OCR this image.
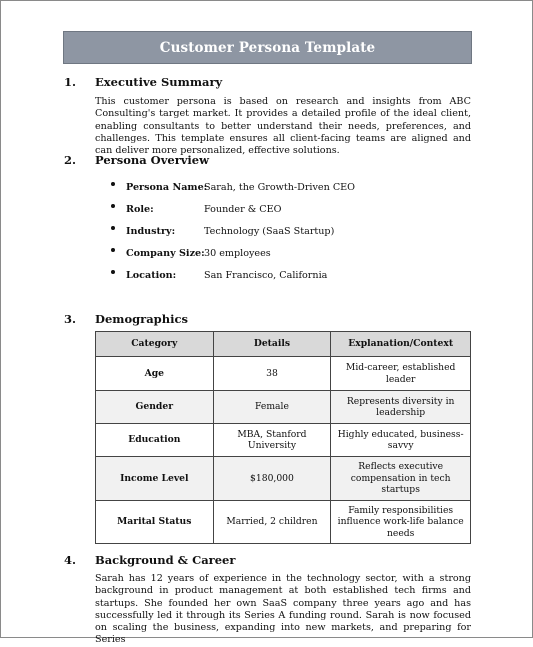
Customer Persona Template
1. Executive Summary
This customer persona is based on research and insights from ABC Consulting's target market. It provides a detailed profile of the ideal client, enabling consultants to better understand their needs, preferences, and challenges. This template ensures all client-facing teams are aligned and can deliver more personalized, effective solutions.
2. Persona Overview
Persona Name:
Sarah, the Growth-Driven CEO
Role:	Founder & CEO
Industry:	Technology (SaaS Startup)
Company Size: 30 employees
Location:	San Francisco, California
3. Demographics
Category	Details	Explanation/Context
Age	38	Mid-career, established leader
Gender	Female	Represents diversity in leadership
Education	MBA, Stanford University	Highly educated, business-savvy
Income Level	$180,000	Reflects executive compensation in tech startups
Marital Status	Married, 2 children	Family responsibilities influence work-life balance needs
4. Background & Career
Sarah has 12 years of experience in the technology sector, with a strong background in product management at both established tech firms and startups. She founded her own SaaS company three years ago and has successfully led it through its Series A funding round. Sarah is now focused on scaling the business, expanding into new markets, and preparing for Series
